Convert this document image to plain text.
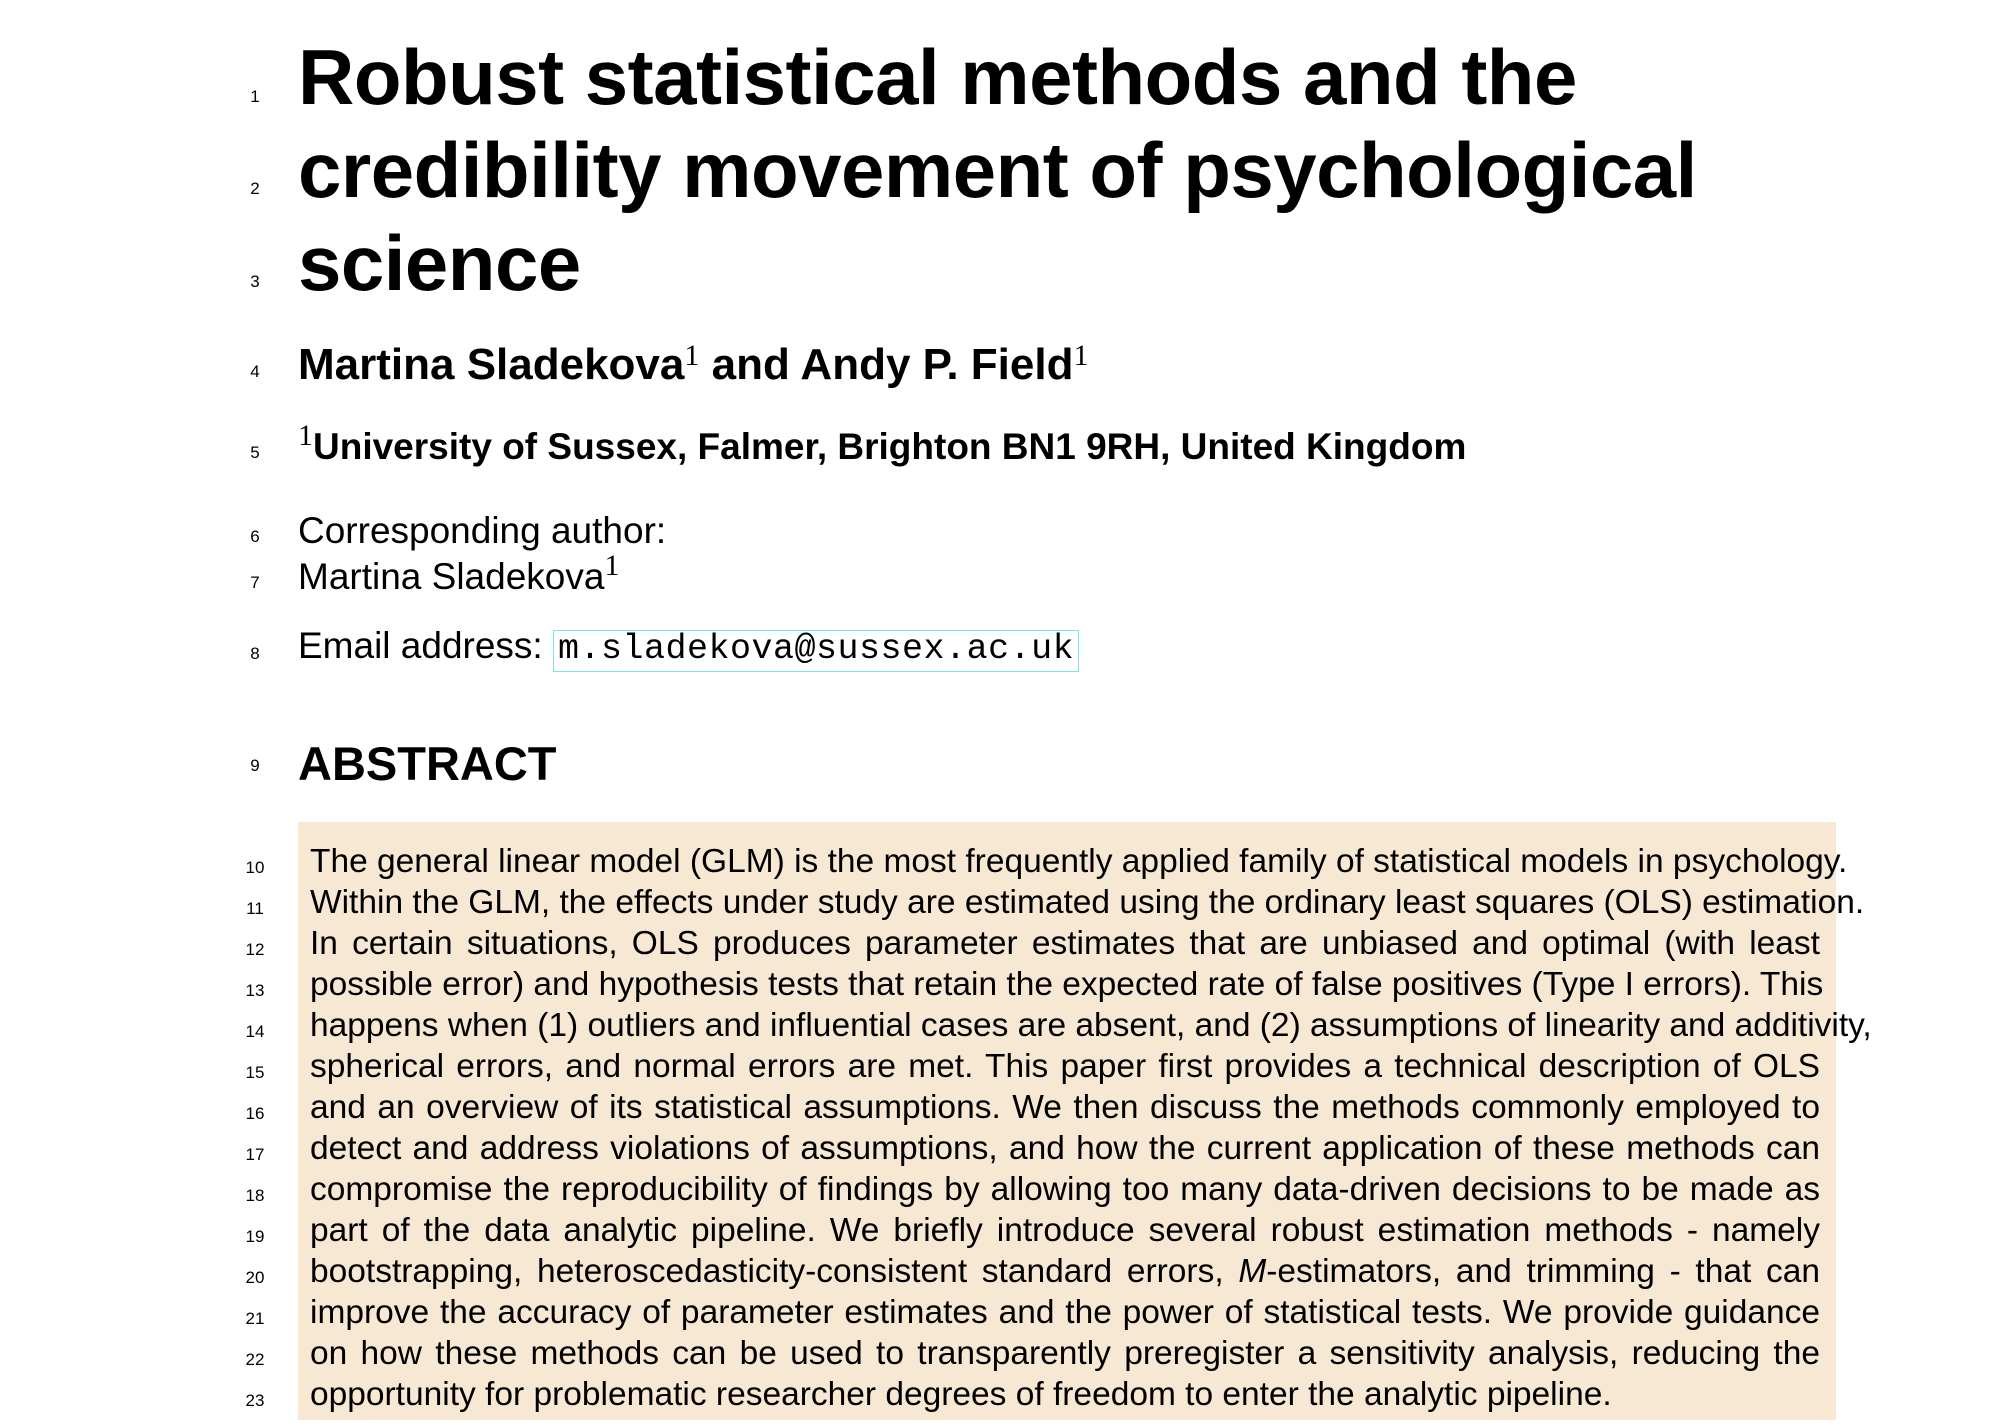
1
2
3
4
5
6
7
8
9
10
11
12
13
14
15
16
17
18
19
20
21
22
23
Robust statistical methods and the
credibility movement of psychological
science
Martina Sladekova$^1$ and Andy P. Field$^1$
$^1$University of Sussex, Falmer, Brighton BN1 9RH, United Kingdom
Corresponding author:
Martina Sladekova$^1$
Email address: m.sladekova@sussex.ac.uk
ABSTRACT
The general linear model (GLM) is the most frequently applied family of statistical models in psychology.
Within the GLM, the effects under study are estimated using the ordinary least squares (OLS) estimation.
In certain situations, OLS produces parameter estimates that are unbiased and optimal (with least
possible error) and hypothesis tests that retain the expected rate of false positives (Type I errors). This
happens when (1) outliers and influential cases are absent, and (2) assumptions of linearity and additivity,
spherical errors, and normal errors are met. This paper first provides a technical description of OLS
and an overview of its statistical assumptions. We then discuss the methods commonly employed to
detect and address violations of assumptions, and how the current application of these methods can
compromise the reproducibility of findings by allowing too many data-driven decisions to be made as
part of the data analytic pipeline. We briefly introduce several robust estimation methods - namely
bootstrapping, heteroscedasticity-consistent standard errors, M-estimators, and trimming - that can
improve the accuracy of parameter estimates and the power of statistical tests. We provide guidance
on how these methods can be used to transparently preregister a sensitivity analysis, reducing the
opportunity for problematic researcher degrees of freedom to enter the analytic pipeline.
